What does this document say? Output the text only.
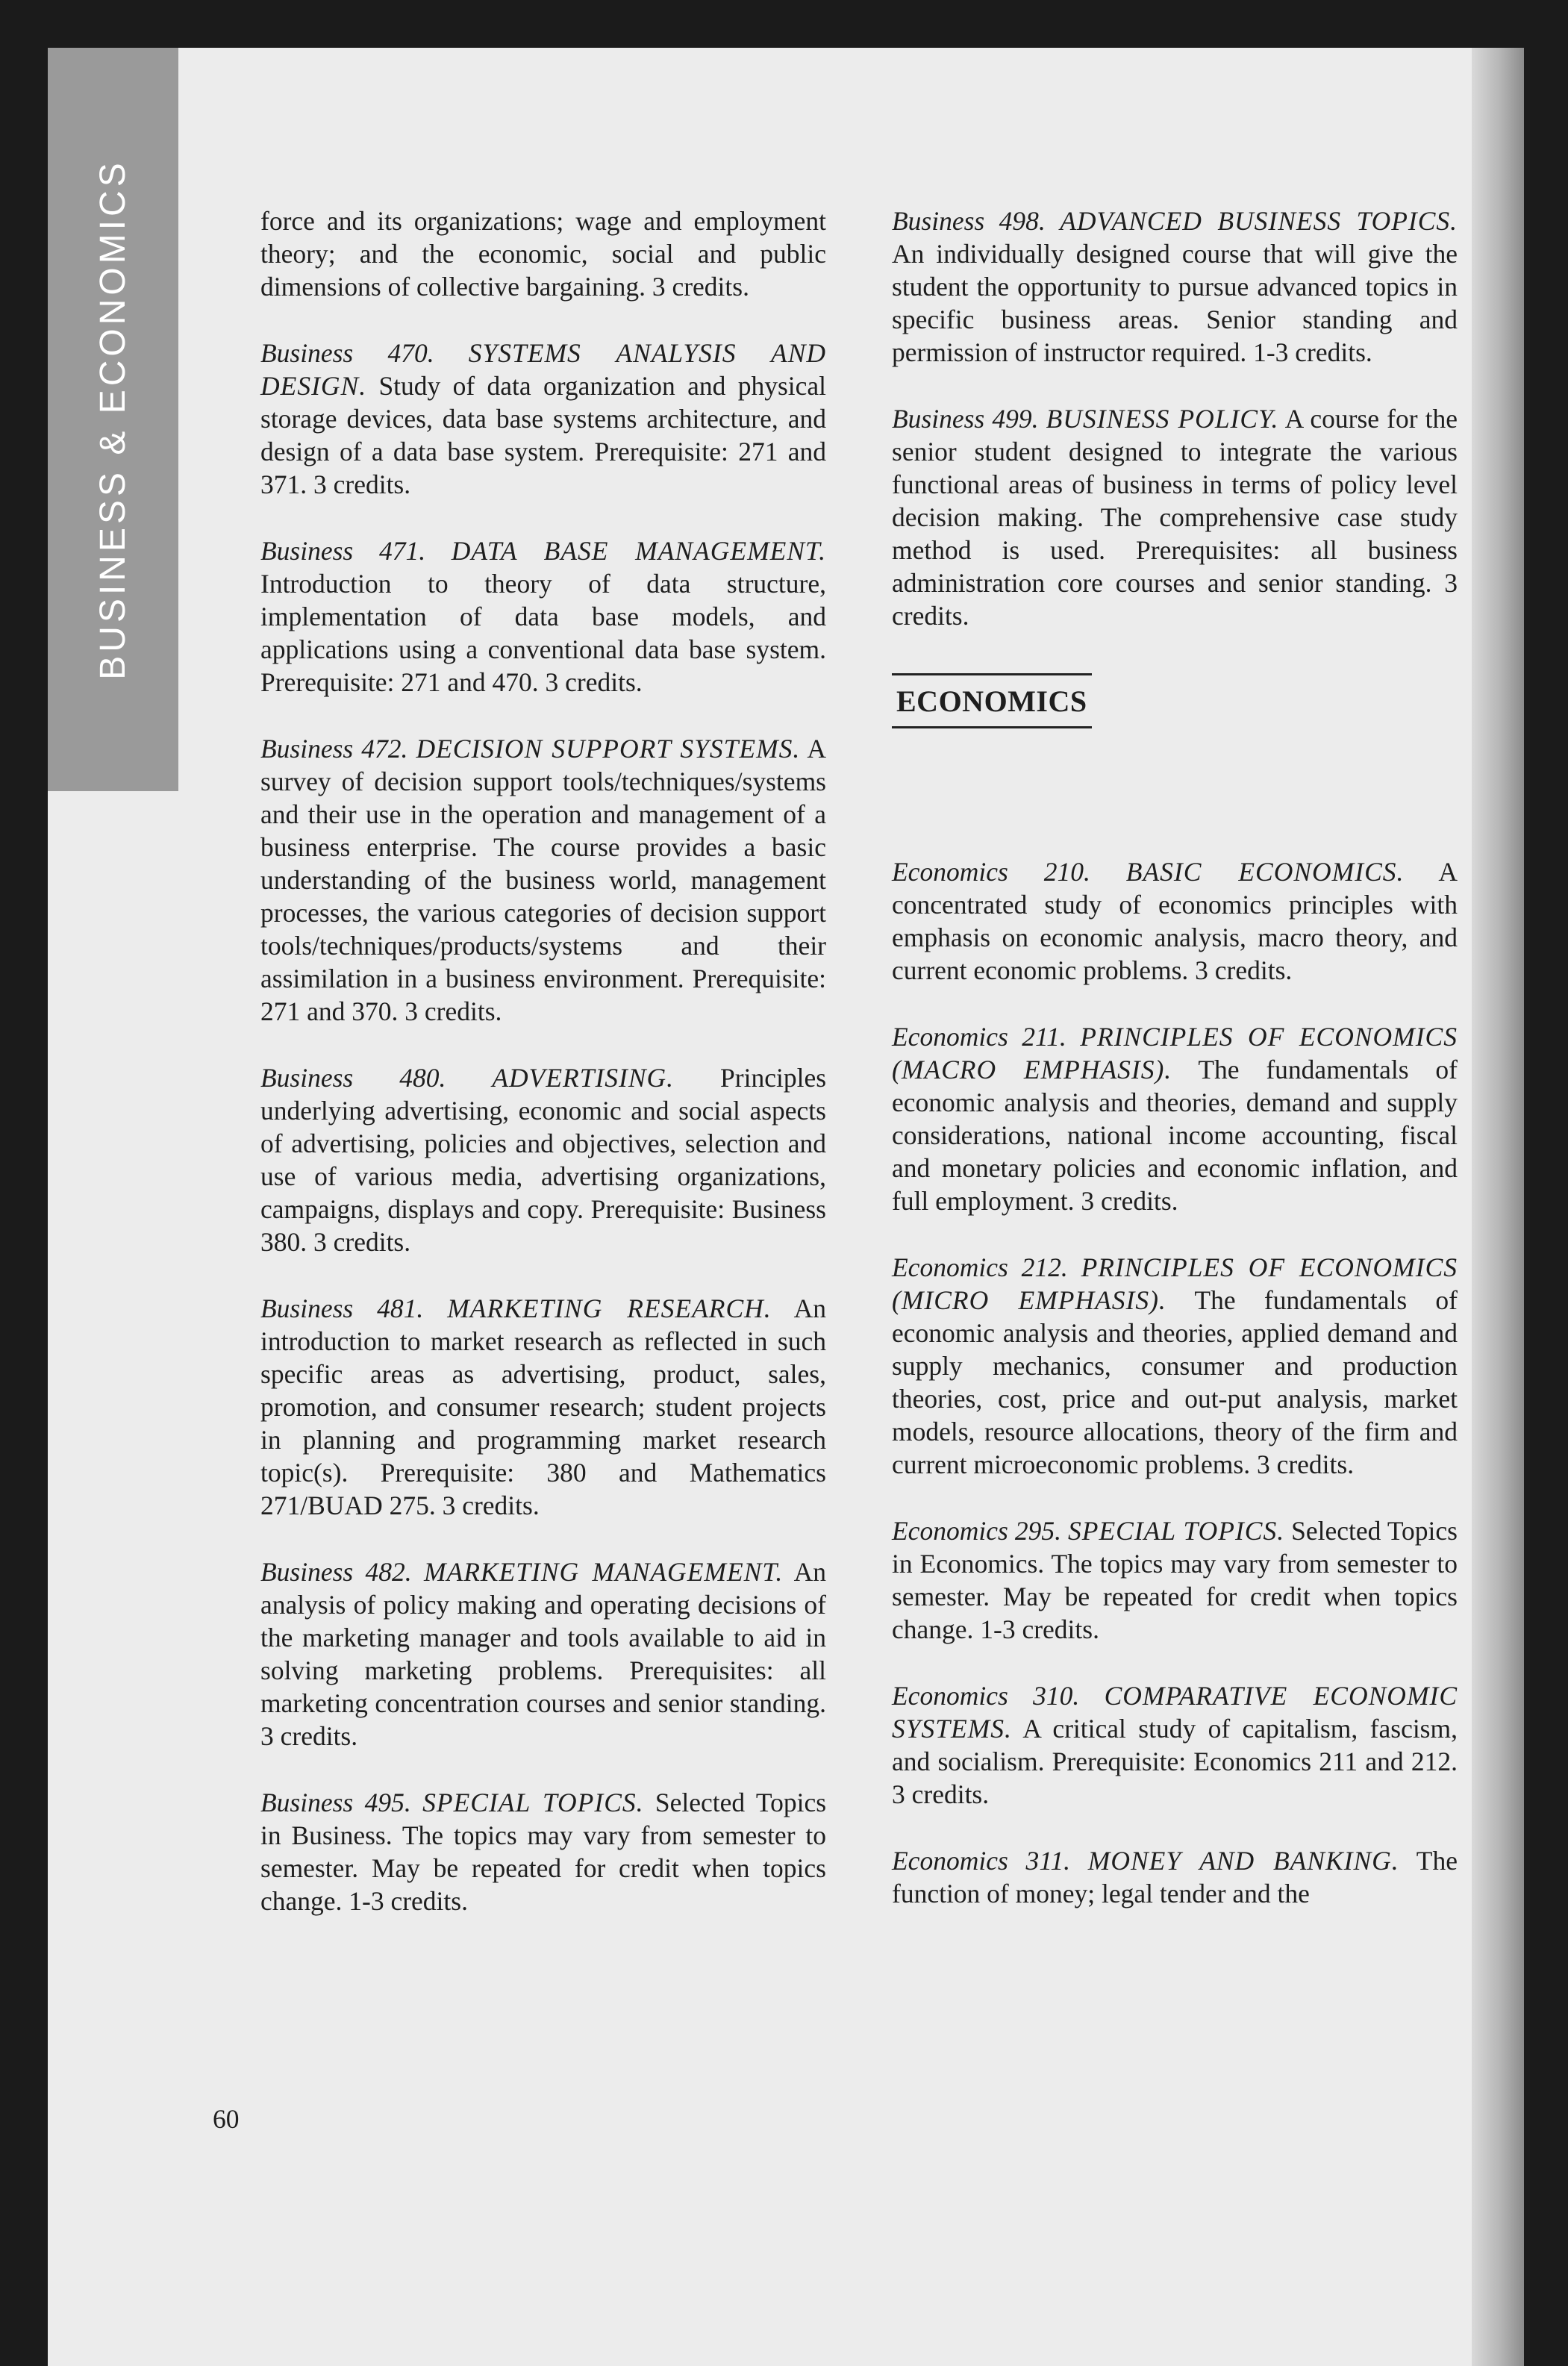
BUSINESS & ECONOMICS	force and its organizations; wage and employment theory; and the economic, social and public dimensions of collective bargaining. 3 credits.

Business 470. SYSTEMS ANALYSIS AND DESIGN. Study of data organization and physical storage devices, data base systems architecture, and design of a data base system. Prerequisite: 271 and 371. 3 credits.

Business 471. DATA BASE MANAGEMENT. Introduction to theory of data structure, implementation of data base models, and applications using a conventional data base system. Prerequisite: 271 and 470. 3 credits.

Business 472. DECISION SUPPORT SYSTEMS. A survey of decision support tools/techniques/systems and their use in the operation and management of a business enterprise. The course provides a basic understanding of the business world, management processes, the various categories of decision support tools/techniques/products/systems and their assimilation in a business environment. Prerequisite: 271 and 370. 3 credits.

Business 480. ADVERTISING. Principles underlying advertising, economic and social aspects of advertising, policies and objectives, selection and use of various media, advertising organizations, campaigns, displays and copy. Prerequisite: Business 380. 3 credits.

Business 481. MARKETING RESEARCH. An introduction to market research as reflected in such specific areas as advertising, product, sales, promotion, and consumer research; student projects in planning and programming market research topic(s). Prerequisite: 380 and Mathematics 271/BUAD 275. 3 credits.

Business 482. MARKETING MANAGEMENT. An analysis of policy making and operating decisions of the marketing manager and tools available to aid in solving marketing problems. Prerequisites: all marketing concentration courses and senior standing. 3 credits.

Business 495. SPECIAL TOPICS. Selected Topics in Business. The topics may vary from semester to semester. May be repeated for credit when topics change. 1-3 credits.

Business 498. ADVANCED BUSINESS TOPICS. An individually designed course that will give the student the opportunity to pursue advanced topics in specific business areas. Senior standing and permission of instructor required. 1-3 credits.

Business 499. BUSINESS POLICY. A course for the senior student designed to integrate the various functional areas of business in terms of policy level decision making. The comprehensive case study method is used. Prerequisites: all business administration core courses and senior standing. 3 credits.

ECONOMICS

Economics 210. BASIC ECONOMICS. A concentrated study of economics principles with emphasis on economic analysis, macro theory, and current economic problems. 3 credits.

Economics 211. PRINCIPLES OF ECONOMICS (MACRO EMPHASIS). The fundamentals of economic analysis and theories, demand and supply considerations, national income accounting, fiscal and monetary policies and economic inflation, and full employment. 3 credits.

Economics 212. PRINCIPLES OF ECONOMICS (MICRO EMPHASIS). The fundamentals of economic analysis and theories, applied demand and supply mechanics, consumer and production theories, cost, price and out-put analysis, market models, resource allocations, theory of the firm and current microeconomic problems. 3 credits.

Economics 295. SPECIAL TOPICS. Selected Topics in Economics. The topics may vary from semester to semester. May be repeated for credit when topics change. 1-3 credits.

Economics 310. COMPARATIVE ECONOMIC SYSTEMS. A critical study of capitalism, fascism, and socialism. Prerequisite: Economics 211 and 212. 3 credits.

Economics 311. MONEY AND BANKING. The function of money; legal tender and the

60
